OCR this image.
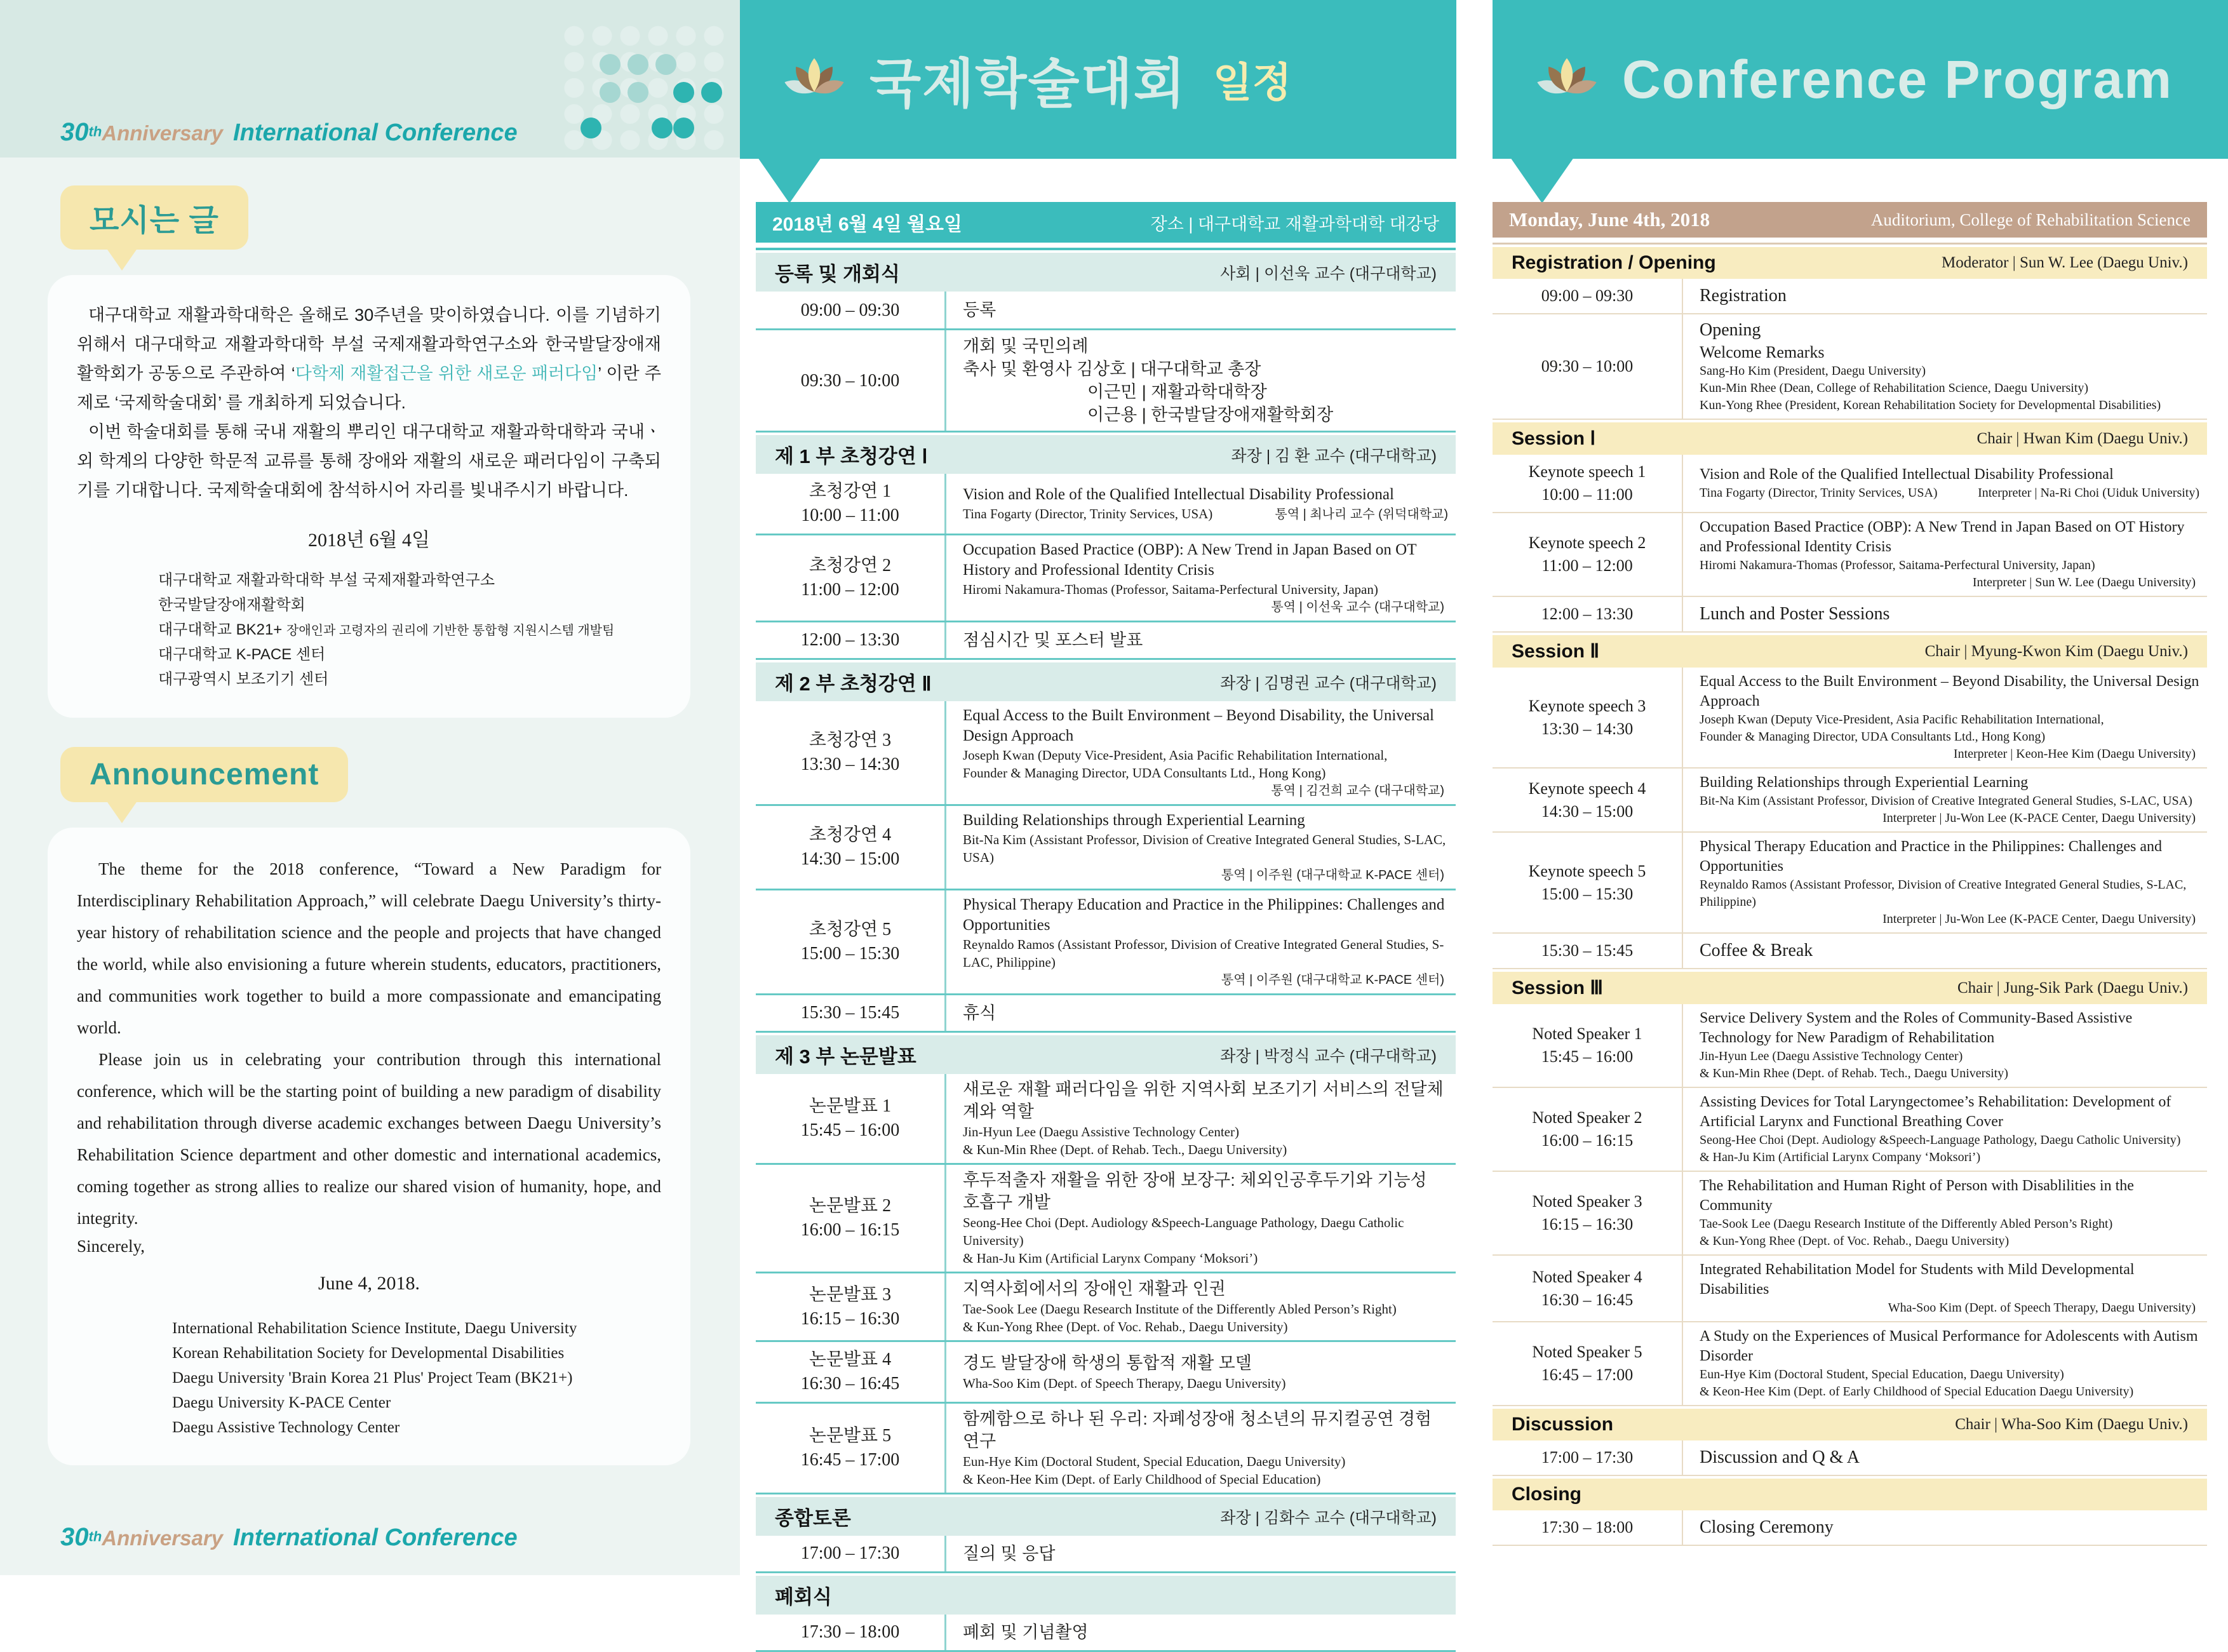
30thAnniversary International Conference
모시는 글

대구대학교 재활과학대학은 올해로 30주년을 맞이하였습니다. 이를 기념하기 위해서 대구대학교 재활과학대학 부설 국제재활과학연구소와 한국발달장애재활학회가 공동으로 주관하여 ‘다학제 재활접근을 위한 새로운 패러다임’ 이란 주제로 ‘국제학술대회’ 를 개최하게 되었습니다.

이번 학술대회를 통해 국내 재활의 뿌리인 대구대학교 재활과학대학과 국내ㆍ외 학계의 다양한 학문적 교류를 통해 장애와 재활의 새로운 패러다임이 구축되기를 기대합니다. 국제학술대회에 참석하시어 자리를 빛내주시기 바랍니다.

2018년 6월 4일
대구대학교 재활과학대학 부설 국제재활과학연구소
한국발달장애재활학회
대구대학교 BK21+ 장애인과 고령자의 권리에 기반한 통합형 지원시스템 개발팀
대구대학교 K-PACE 센터
대구광역시 보조기기 센터
Announcement

The theme for the 2018 conference, “Toward a New Paradigm for Interdisciplinary Rehabilitation Approach,” will celebrate Daegu University’s thirty-year history of rehabilitation science and the people and projects that have changed the world, while also envisioning a future wherein students, educators, practitioners, and communities work together to build a more compassionate and emancipating world.

Please join us in celebrating your contribution through this international conference, which will be the starting point of building a new paradigm of disability and rehabilitation through diverse academic exchanges between Daegu University’s Rehabilitation Science department and other domestic and international academics, coming together as strong allies to realize our shared vision of humanity, hope, and integrity.

Sincerely,
June 4, 2018.
International Rehabilitation Science Institute, Daegu University
Korean Rehabilitation Society for Developmental Disabilities
Daegu University 'Brain Korea 21 Plus' Project Team (BK21+)
Daegu University K-PACE Center
Daegu Assistive Technology Center
30thAnniversary International Conference
국제학술대회 일정	Conference Program
2018년 6월 4일 월요일	장소 | 대구대학교 재활과학대학 대강당
등록 및 개회식	사회 | 이선욱 교수 (대구대학교)
09:00 – 09:30	등록
09:30 – 10:00
개회 및 국민의례
축사 및 환영사 김상호 | 대구대학교 총장
이근민 | 재활과학대학장
이근용 | 한국발달장애재활학회장
제 1 부 초청강연 Ⅰ	좌장 | 김 환 교수 (대구대학교)
초청강연 1
10:00 – 11:00
Vision and Role of the Qualified Intellectual Disability Professional
Tina Fogarty (Director, Trinity Services, USA)	통역 | 최나리 교수 (위덕대학교)
초청강연 2
11:00 – 12:00
Occupation Based Practice (OBP): A New Trend in Japan Based on OT History and Professional Identity Crisis
Hiromi Nakamura-Thomas (Professor, Saitama-Perfectural University, Japan)
통역 | 이선욱 교수 (대구대학교)
12:00 – 13:30	점심시간 및 포스터 발표
제 2 부 초청강연 Ⅱ	좌장 | 김명권 교수 (대구대학교)
초청강연 3
13:30 – 14:30
Equal Access to the Built Environment – Beyond Disability, the Universal Design Approach
Joseph Kwan (Deputy Vice-President, Asia Pacific Rehabilitation International,
Founder & Managing Director, UDA Consultants Ltd., Hong Kong)
통역 | 김건희 교수 (대구대학교)
초청강연 4
14:30 – 15:00
Building Relationships through Experiential Learning
Bit-Na Kim (Assistant Professor, Division of Creative Integrated General Studies, S-LAC, USA)
통역 | 이주원 (대구대학교 K-PACE 센터)
초청강연 5
15:00 – 15:30
Physical Therapy Education and Practice in the Philippines: Challenges and Opportunities
Reynaldo Ramos (Assistant Professor, Division of Creative Integrated General Studies, S-LAC, Philippine)
통역 | 이주원 (대구대학교 K-PACE 센터)
15:30 – 15:45	휴식
제 3 부 논문발표	좌장 | 박정식 교수 (대구대학교)
논문발표 1
15:45 – 16:00
새로운 재활 패러다임을 위한 지역사회 보조기기 서비스의 전달체계와 역할
Jin-Hyun Lee (Daegu Assistive Technology Center)
& Kun-Min Rhee (Dept. of Rehab. Tech., Daegu University)
논문발표 2
16:00 – 16:15
후두적출자 재활을 위한 장애 보장구: 체외인공후두기와 기능성 호흡구 개발
Seong-Hee Choi (Dept. Audiology &Speech-Language Pathology, Daegu Catholic University)
& Han-Ju Kim (Artificial Larynx Company ‘Moksori’)
논문발표 3
16:15 – 16:30
지역사회에서의 장애인 재활과 인권
Tae-Sook Lee (Daegu Research Institute of the Differently Abled Person’s Right)
& Kun-Yong Rhee (Dept. of Voc. Rehab., Daegu University)
논문발표 4
16:30 – 16:45
경도 발달장애 학생의 통합적 재활 모델
Wha-Soo Kim (Dept. of Speech Therapy, Daegu University)
논문발표 5
16:45 – 17:00
함께함으로 하나 된 우리: 자폐성장애 청소년의 뮤지컬공연 경험 연구
Eun-Hye Kim (Doctoral Student, Special Education, Daegu University)
& Keon-Hee Kim (Dept. of Early Childhood of Special Education)
종합토론	좌장 | 김화수 교수 (대구대학교)
17:00 – 17:30	질의 및 응답
폐회식
17:30 – 18:00	폐회 및 기념촬영
Monday, June 4th, 2018	Auditorium, College of Rehabilitation Science
Registration / Opening	Moderator | Sun W. Lee (Daegu Univ.)
09:00 – 09:30	Registration
09:30 – 10:00
Opening
Welcome Remarks
Sang-Ho Kim (President, Daegu University)
Kun-Min Rhee (Dean, College of Rehabilitation Science, Daegu University)
Kun-Yong Rhee (President, Korean Rehabilitation Society for Developmental Disabilities)
Session Ⅰ	Chair | Hwan Kim (Daegu Univ.)
Keynote speech 1
10:00 – 11:00
Vision and Role of the Qualified Intellectual Disability Professional
Tina Fogarty (Director, Trinity Services, USA)	Interpreter | Na-Ri Choi (Uiduk University)
Keynote speech 2
11:00 – 12:00
Occupation Based Practice (OBP): A New Trend in Japan Based on OT History and Professional Identity Crisis
Hiromi Nakamura-Thomas (Professor, Saitama-Perfectural University, Japan)
Interpreter | Sun W. Lee (Daegu University)
12:00 – 13:30	Lunch and Poster Sessions
Session Ⅱ	Chair | Myung-Kwon Kim (Daegu Univ.)
Keynote speech 3
13:30 – 14:30
Equal Access to the Built Environment – Beyond Disability, the Universal Design Approach
Joseph Kwan (Deputy Vice-President, Asia Pacific Rehabilitation International,
Founder & Managing Director, UDA Consultants Ltd., Hong Kong)
Interpreter | Keon-Hee Kim (Daegu University)
Keynote speech 4
14:30 – 15:00
Building Relationships through Experiential Learning
Bit-Na Kim (Assistant Professor, Division of Creative Integrated General Studies, S-LAC, USA)
Interpreter | Ju-Won Lee (K-PACE Center, Daegu University)
Keynote speech 5
15:00 – 15:30
Physical Therapy Education and Practice in the Philippines: Challenges and Opportunities
Reynaldo Ramos (Assistant Professor, Division of Creative Integrated General Studies, S-LAC, Philippine)
Interpreter | Ju-Won Lee (K-PACE Center, Daegu University)
15:30 – 15:45	Coffee & Break
Session Ⅲ	Chair | Jung-Sik Park (Daegu Univ.)
Noted Speaker 1
15:45 – 16:00
Service Delivery System and the Roles of Community-Based Assistive Technology for New Paradigm of Rehabilitation
Jin-Hyun Lee (Daegu Assistive Technology Center)
& Kun-Min Rhee (Dept. of Rehab. Tech., Daegu University)
Noted Speaker 2
16:00 – 16:15
Assisting Devices for Total Laryngectomee’s Rehabilitation: Development of Artificial Larynx and Functional Breathing Cover
Seong-Hee Choi (Dept. Audiology &Speech-Language Pathology, Daegu Catholic University)
& Han-Ju Kim (Artificial Larynx Company ‘Moksori’)
Noted Speaker 3
16:15 – 16:30
The Rehabilitation and Human Right of Person with Disablilities in the Community
Tae-Sook Lee (Daegu Research Institute of the Differently Abled Person’s Right)
& Kun-Yong Rhee (Dept. of Voc. Rehab., Daegu University)
Noted Speaker 4
16:30 – 16:45
Integrated Rehabilitation Model for Students with Mild Developmental Disabilities
Wha-Soo Kim (Dept. of Speech Therapy, Daegu University)
Noted Speaker 5
16:45 – 17:00
A Study on the Experiences of Musical Performance for Adolescents with Autism Disorder
Eun-Hye Kim (Doctoral Student, Special Education, Daegu University)
& Keon-Hee Kim (Dept. of Early Childhood of Special Education Daegu University)
Discussion	Chair | Wha-Soo Kim (Daegu Univ.)
17:00 – 17:30	Discussion and Q & A
Closing
17:30 – 18:00	Closing Ceremony
